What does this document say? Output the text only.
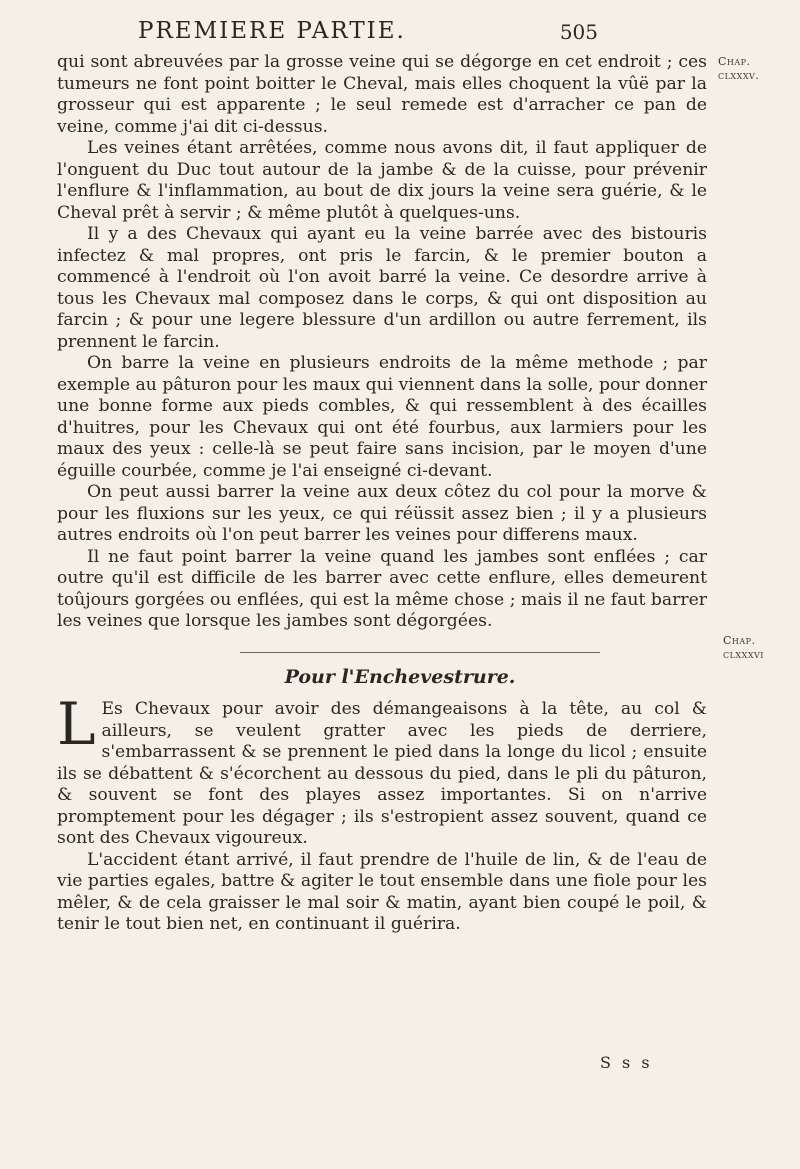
PREMIERE PARTIE.	505
Chap.
clxxxv.

qui sont abreuvées par la grosse veine qui se dégorge en cet endroit ; ces tumeurs ne font point boitter le Cheval, mais elles choquent la vûë par la grosseur qui est apparente ; le seul remede est d'arracher ce pan de veine, comme j'ai dit ci-dessus.

Les veines étant arrêtées, comme nous avons dit, il faut appliquer de l'onguent du Duc tout autour de la jambe & de la cuisse, pour prévenir l'enflure & l'inflammation, au bout de dix jours la veine sera guérie, & le Cheval prêt à servir ; & même plutôt à quelques-uns.

Il y a des Chevaux qui ayant eu la veine barrée avec des bistouris infectez & mal propres, ont pris le farcin, & le premier bouton a commencé à l'endroit où l'on avoit barré la veine. Ce desordre arrive à tous les Chevaux mal composez dans le corps, & qui ont disposition au farcin ; & pour une legere blessure d'un ardillon ou autre ferrement, ils prennent le farcin.

On barre la veine en plusieurs endroits de la même methode ; par exemple au pâturon pour les maux qui viennent dans la solle, pour donner une bonne forme aux pieds combles, & qui ressemblent à des écailles d'huitres, pour les Chevaux qui ont été fourbus, aux larmiers pour les maux des yeux : celle-là se peut faire sans incision, par le moyen d'une éguille courbée, comme je l'ai enseigné ci-devant.

On peut aussi barrer la veine aux deux côtez du col pour la morve & pour les fluxions sur les yeux, ce qui réüssit assez bien ; il y a plusieurs autres endroits où l'on peut barrer les veines pour differens maux.

Il ne faut point barrer la veine quand les jambes sont enflées ; car outre qu'il est difficile de les barrer avec cette enflure, elles demeurent toûjours gorgées ou enflées, qui est la même chose ; mais il ne faut barrer les veines que lorsque les jambes sont dégorgées.

Pour l'Enchevestrure.
Chap.
clxxxvi

L Es Chevaux pour avoir des démangeaisons à la tête, au col & ailleurs, se veulent gratter avec les pieds de derriere, s'embarrassent & se prennent le pied dans la longe du licol ; ensuite ils se débattent & s'écorchent au dessous du pied, dans le pli du pâturon, & souvent se font des playes assez importantes. Si on n'arrive promptement pour les dégager ; ils s'estropient assez souvent, quand ce sont des Chevaux vigoureux.

L'accident étant arrivé, il faut prendre de l'huile de lin, & de l'eau de vie parties egales, battre & agiter le tout ensemble dans une fiole pour les mêler, & de cela graisser le mal soir & matin, ayant bien coupé le poil, & tenir le tout bien net, en continuant il guérira.

S s s
